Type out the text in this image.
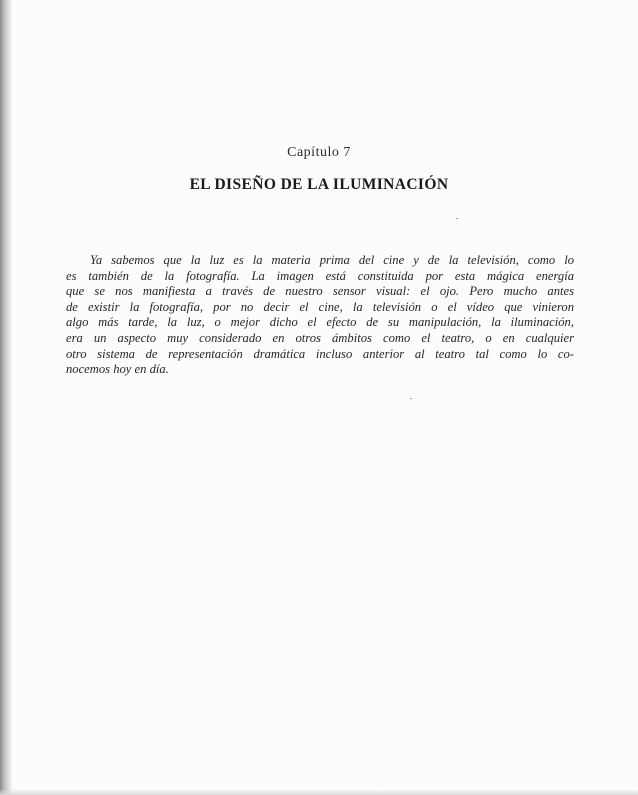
Capítulo 7
EL DISEÑO DE LA ILUMINACIÓN

Ya sabemos que la luz es la materia prima del cine y de la televisión, como lo
es también de la fotografía. La imagen está constituida por esta mágica energía
que se nos manifiesta a través de nuestro sensor visual: el ojo. Pero mucho antes
de existir la fotografía, por no decir el cine, la televisión o el vídeo que vinieron
algo más tarde, la luz, o mejor dicho el efecto de su manipulación, la iluminación,
era un aspecto muy considerado en otros ámbitos como el teatro, o en cualquier
otro sistema de representación dramática incluso anterior al teatro tal como lo co-
nocemos hoy en día.
